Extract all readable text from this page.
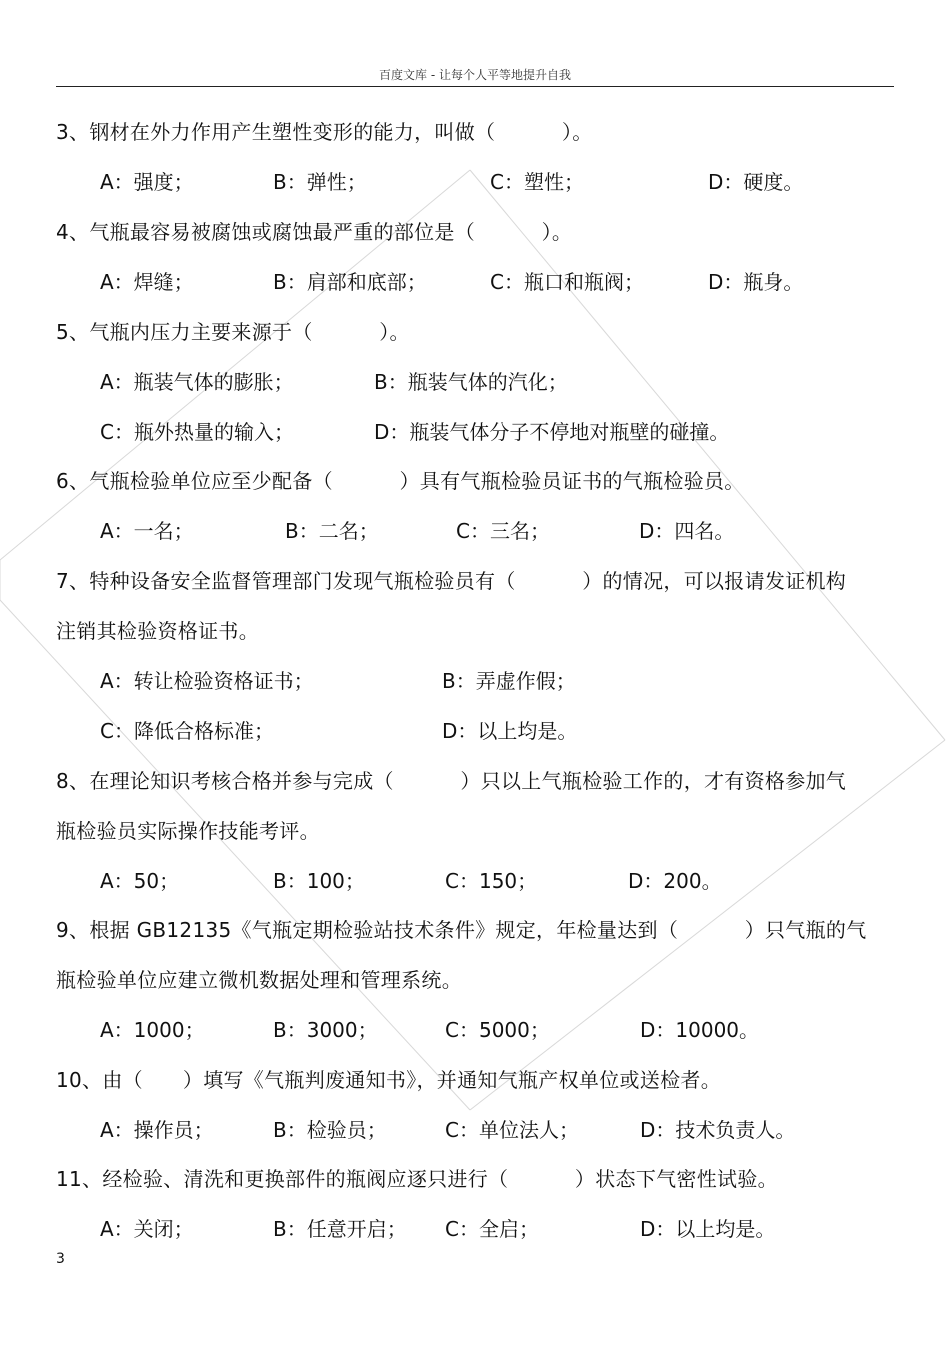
百度文库 - 让每个人平等地提升自我
3、钢材在外力作用产生塑性变形的能力，叫做（          ）。
A：强度；	B：弹性；	C：塑性；	D：硬度。
4、气瓶最容易被腐蚀或腐蚀最严重的部位是（          ）。
A：焊缝；	B：肩部和底部；	C：瓶口和瓶阀；	D：瓶身。
5、气瓶内压力主要来源于（          ）。
A：瓶装气体的膨胀；	B：瓶装气体的汽化；
C：瓶外热量的输入；	D：瓶装气体分子不停地对瓶壁的碰撞。
6、气瓶检验单位应至少配备（          ）具有气瓶检验员证书的气瓶检验员。
A：一名；	B：二名；	C：三名；	D：四名。
7、特种设备安全监督管理部门发现气瓶检验员有（          ）的情况，可以报请发证机构
注销其检验资格证书。
A：转让检验资格证书；	B：弄虚作假；
C：降低合格标准；	D：以上均是。
8、在理论知识考核合格并参与完成（          ）只以上气瓶检验工作的，才有资格参加气
瓶检验员实际操作技能考评。
A：50；	B：100；	C：150；	D：200。
9、根据 GB12135《气瓶定期检验站技术条件》规定，年检量达到（          ）只气瓶的气
瓶检验单位应建立微机数据处理和管理系统。
A：1000；	B：3000；	C：5000；	D：10000。
10、由（      ）填写《气瓶判废通知书》，并通知气瓶产权单位或送检者。
A：操作员；	B：检验员；	C：单位法人；	D：技术负责人。
11、经检验、清洗和更换部件的瓶阀应逐只进行（          ）状态下气密性试验。
A：关闭；	B：任意开启； C：全启；	D：以上均是。
3
